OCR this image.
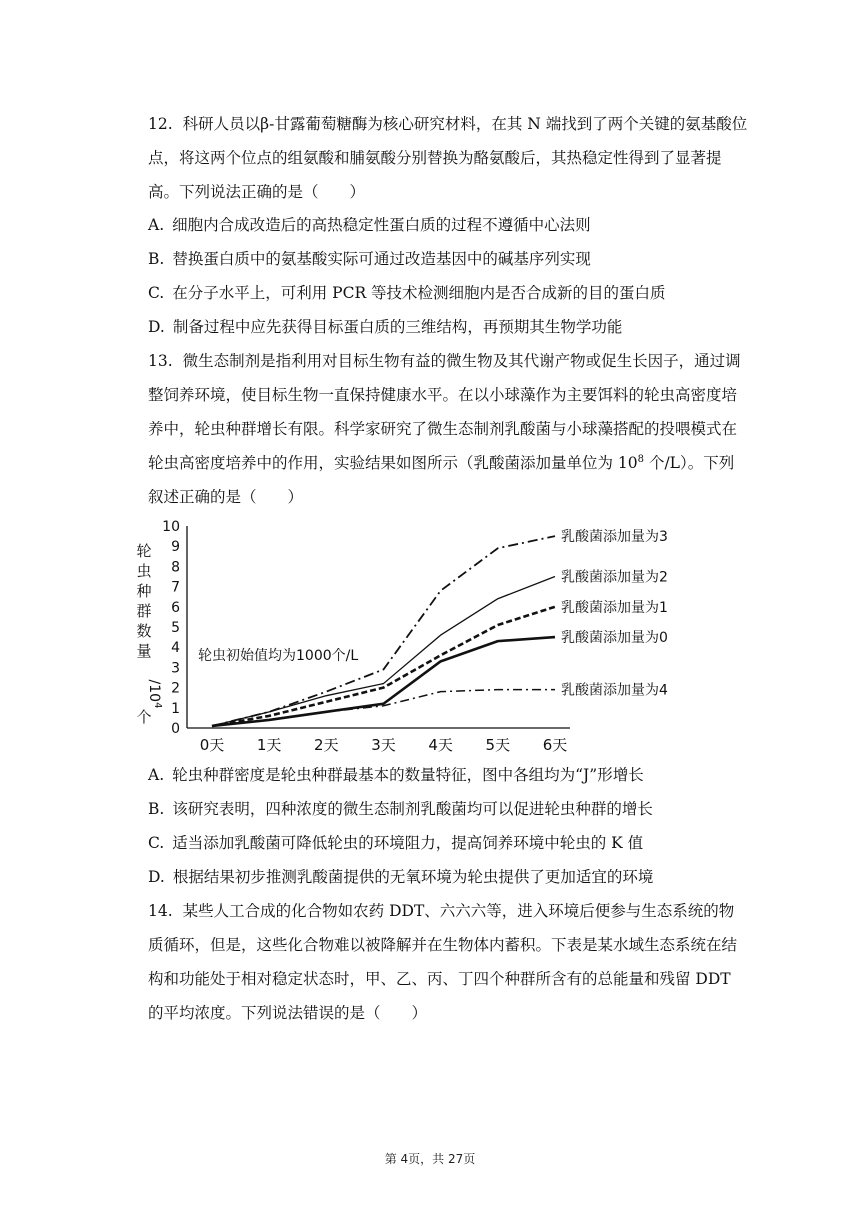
12. 科研人员以β-甘露葡萄糖酶为核心研究材料，在其 N 端找到了两个关键的氨基酸位点，将这两个位点的组氨酸和脯氨酸分别替换为酪氨酸后，其热稳定性得到了显著提高。下列说法正确的是（　　）
A. 细胞内合成改造后的高热稳定性蛋白质的过程不遵循中心法则
B. 替换蛋白质中的氨基酸实际可通过改造基因中的碱基序列实现
C. 在分子水平上，可利用 PCR 等技术检测细胞内是否合成新的目的蛋白质
D. 制备过程中应先获得目标蛋白质的三维结构，再预期其生物学功能
13. 微生态制剂是指利用对目标生物有益的微生物及其代谢产物或促生长因子，通过调整饲养环境，使目标生物一直保持健康水平。在以小球藻作为主要饵料的轮虫高密度培养中，轮虫种群增长有限。科学家研究了微生态制剂乳酸菌与小球藻搭配的投喂模式在轮虫高密度培养中的作用，实验结果如图所示（乳酸菌添加量单位为 $10^8$ 个/L）。下列叙述正确的是（　　）
0
1
2
3
4
5
6
7
8
9
10
0天 1天 2天 3天 4天 5天 6天
乳酸菌添加量为3
乳酸菌添加量为2
乳酸菌添加量为1
乳酸菌添加量为0
乳酸菌添加量为4
轮
虫
种
群
数
量
$/10^4$
个
轮虫初始值均为1000个/L
A. 轮虫种群密度是轮虫种群最基本的数量特征，图中各组均为“J”形增长
B. 该研究表明，四种浓度的微生态制剂乳酸菌均可以促进轮虫种群的增长
C. 适当添加乳酸菌可降低轮虫的环境阻力，提高饲养环境中轮虫的 K 值
D. 根据结果初步推测乳酸菌提供的无氧环境为轮虫提供了更加适宜的环境
14. 某些人工合成的化合物如农药 DDT、六六六等，进入环境后便参与生态系统的物质循环，但是，这些化合物难以被降解并在生物体内蓄积。下表是某水域生态系统在结构和功能处于相对稳定状态时，甲、乙、丙、丁四个种群所含有的总能量和残留 DDT 的平均浓度。下列说法错误的是（　　）
第 4页，共 27页
